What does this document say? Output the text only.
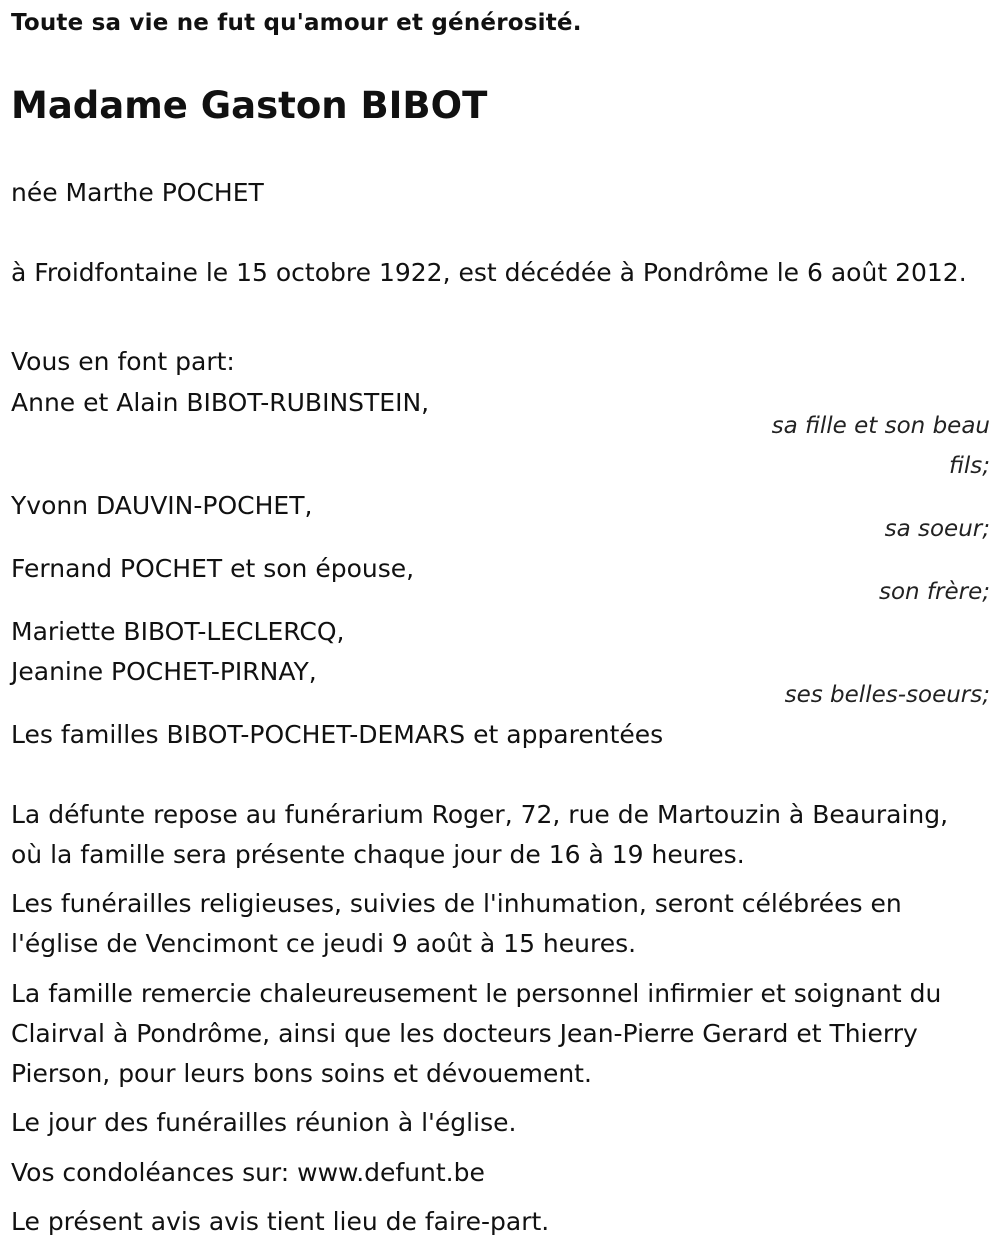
Toute sa vie ne fut qu'amour et générosité.

Madame Gaston BIBOT

née Marthe POCHET

à Froidfontaine le 15 octobre 1922, est décédée à Pondrôme le 6 août 2012.

Vous en font part:

Anne et Alain BIBOT-RUBINSTEIN,

sa fille et son beau fils;

Yvonn DAUVIN-POCHET,

sa soeur;

Fernand POCHET et son épouse,

son frère;

Mariette BIBOT-LECLERCQ,

Jeanine POCHET-PIRNAY,

ses belles-soeurs;

Les familles BIBOT-POCHET-DEMARS et apparentées

La défunte repose au funérarium Roger, 72, rue de Martouzin à Beauraing, où la famille sera présente chaque jour de 16 à 19 heures.

Les funérailles religieuses, suivies de l'inhumation, seront célébrées en l'église de Vencimont ce jeudi 9 août à 15 heures.

La famille remercie chaleureusement le personnel infirmier et soignant du Clairval à Pondrôme, ainsi que les docteurs Jean-Pierre Gerard et Thierry Pierson, pour leurs bons soins et dévouement.

Le jour des funérailles réunion à l'église.

Vos condoléances sur: www.defunt.be

Le présent avis avis tient lieu de faire-part.
